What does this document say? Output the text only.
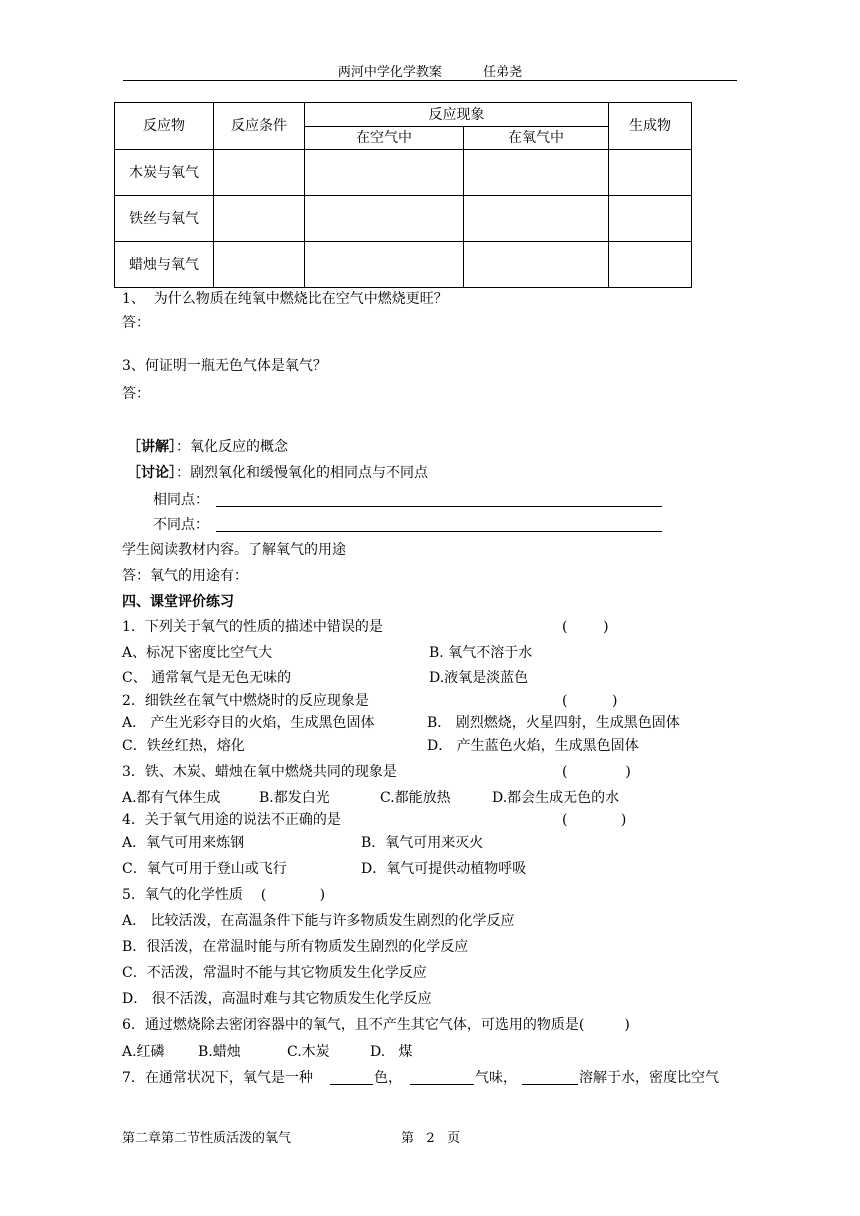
两河中学化学教案          任弟尧
反应物	反应条件	反应现象		生成物
		在空气中	在氧气中	
木炭与氧气				
铁丝与氧气				
蜡烛与氧气				
1、  为什么物质在纯氧中燃烧比在空气中燃烧更旺？
答：
3、何证明一瓶无色气体是氧气？
答：
［讲解］：氧化反应的概念
［讨论］：剧烈氧化和缓慢氧化的相同点与不同点
相同点：
不同点：
学生阅读教材内容。了解氧气的用途
答：氧气的用途有：
四、课堂评价练习
1．下列关于氧气的性质的描述中错误的是	(        )
A、标况下密度比空气大	B. 氧气不溶于水
C、 通常氧气是无色无味的	D.液氧是淡蓝色
2．细铁丝在氧气中燃烧时的反应现象是	(          )
A． 产生光彩夺目的火焰，生成黑色固体	B． 剧烈燃烧，火星四射，生成黑色固体
C．铁丝红热，熔化	D． 产生蓝色火焰，生成黑色固体
3．铁、木炭、蜡烛在氧中燃烧共同的现象是	(             )
A.都有气体生成	B.都发白光	C.都能放热	D.都会生成无色的水
4．关于氧气用途的说法不正确的是	(            )
A．氧气可用来炼钢	B．氧气可用来灭火
C．氧气可用于登山或飞行	D．氧气可提供动植物呼吸
5．氧气的化学性质    (            )
A． 比较活泼，在高温条件下能与许多物质发生剧烈的化学反应
B．很活泼，在常温时能与所有物质发生剧烈的化学反应
C．不活泼，常温时不能与其它物质发生化学反应
D． 很不活泼，高温时难与其它物质发生化学反应
6．通过燃烧除去密闭容器中的氧气，且不产生其它气体，可选用的物质是(         )
A.红磷 B.蜡烛	C.木炭	D.   煤
7．在通常状况下，氧气是一种	色，	气味，	溶解于水，密度比空气
第二章第二节性质活泼的氧气	第   2   页
